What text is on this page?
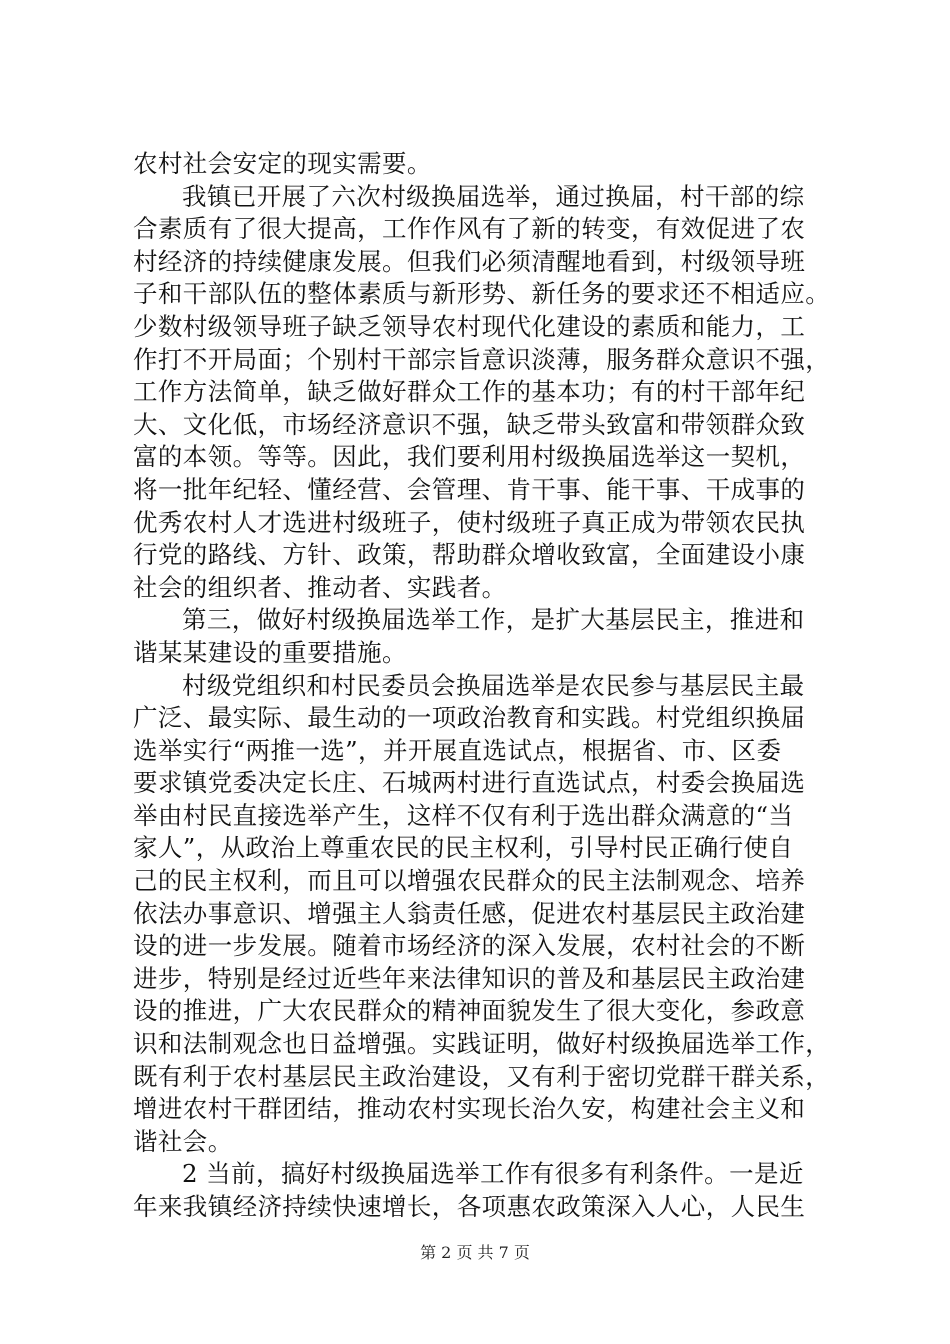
农村社会安定的现实需要。
我镇已开展了六次村级换届选举，通过换届，村干部的综
合素质有了很大提高，工作作风有了新的转变，有效促进了农
村经济的持续健康发展。但我们必须清醒地看到，村级领导班
子和干部队伍的整体素质与新形势、新任务的要求还不相适应。
少数村级领导班子缺乏领导农村现代化建设的素质和能力，工
作打不开局面；个别村干部宗旨意识淡薄，服务群众意识不强，
工作方法简单，缺乏做好群众工作的基本功；有的村干部年纪
大、文化低，市场经济意识不强，缺乏带头致富和带领群众致
富的本领。等等。因此，我们要利用村级换届选举这一契机，
将一批年纪轻、懂经营、会管理、肯干事、能干事、干成事的
优秀农村人才选进村级班子，使村级班子真正成为带领农民执
行党的路线、方针、政策，帮助群众增收致富，全面建设小康
社会的组织者、推动者、实践者。
第三，做好村级换届选举工作，是扩大基层民主，推进和
谐某某建设的重要措施。
村级党组织和村民委员会换届选举是农民参与基层民主最
广泛、最实际、最生动的一项政治教育和实践。村党组织换届
选举实行“两推一选”，并开展直选试点，根据省、市、区委
要求镇党委决定长庄、石城两村进行直选试点，村委会换届选
举由村民直接选举产生，这样不仅有利于选出群众满意的“当
家人”，从政治上尊重农民的民主权利，引导村民正确行使自
己的民主权利，而且可以增强农民群众的民主法制观念、培养
依法办事意识、增强主人翁责任感，促进农村基层民主政治建
设的进一步发展。随着市场经济的深入发展，农村社会的不断
进步，特别是经过近些年来法律知识的普及和基层民主政治建
设的推进，广大农民群众的精神面貌发生了很大变化，参政意
识和法制观念也日益增强。实践证明，做好村级换届选举工作，
既有利于农村基层民主政治建设，又有利于密切党群干群关系，
增进农村干群团结，推动农村实现长治久安，构建社会主义和
谐社会。
2 当前，搞好村级换届选举工作有很多有利条件。一是近
年来我镇经济持续快速增长，各项惠农政策深入人心，人民生
第 2 页 共 7 页
